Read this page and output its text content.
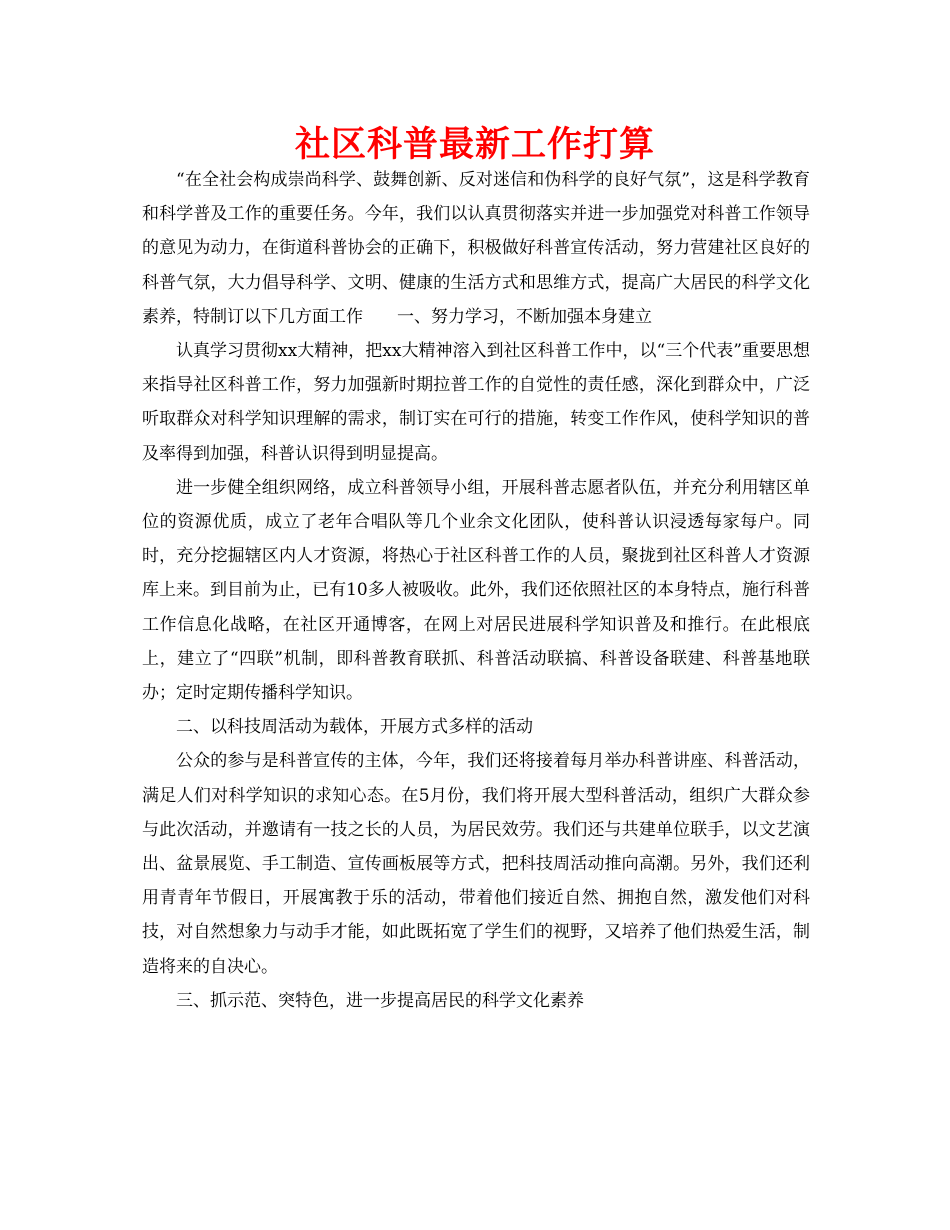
社区科普最新工作打算

“在全社会构成崇尚科学、鼓舞创新、反对迷信和伪科学的良好气氛”，这是科学教育和科学普及工作的重要任务。今年，我们以认真贯彻落实并进一步加强党对科普工作领导的意见为动力，在街道科普协会的正确下，积极做好科普宣传活动，努力营建社区良好的科普气氛，大力倡导科学、文明、健康的生活方式和思维方式，提高广大居民的科学文化素养，特制订以下几方面工作　　一、努力学习，不断加强本身建立

认真学习贯彻xx大精神，把xx大精神溶入到社区科普工作中，以“三个代表”重要思想来指导社区科普工作，努力加强新时期拉普工作的自觉性的责任感，深化到群众中，广泛听取群众对科学知识理解的需求，制订实在可行的措施，转变工作作风，使科学知识的普及率得到加强，科普认识得到明显提高。

进一步健全组织网络，成立科普领导小组，开展科普志愿者队伍，并充分利用辖区单位的资源优质，成立了老年合唱队等几个业余文化团队，使科普认识浸透每家每户。同时，充分挖掘辖区内人才资源，将热心于社区科普工作的人员，聚拢到社区科普人才资源库上来。到目前为止，已有10多人被吸收。此外，我们还依照社区的本身特点，施行科普工作信息化战略，在社区开通博客，在网上对居民进展科学知识普及和推行。在此根底上，建立了“四联”机制，即科普教育联抓、科普活动联搞、科普设备联建、科普基地联办；定时定期传播科学知识。

二、以科技周活动为载体，开展方式多样的活动

公众的参与是科普宣传的主体，今年，我们还将接着每月举办科普讲座、科普活动，满足人们对科学知识的求知心态。在5月份，我们将开展大型科普活动，组织广大群众参与此次活动，并邀请有一技之长的人员，为居民效劳。我们还与共建单位联手，以文艺演出、盆景展览、手工制造、宣传画板展等方式，把科技周活动推向高潮。另外，我们还利用青青年节假日，开展寓教于乐的活动，带着他们接近自然、拥抱自然，激发他们对科技，对自然想象力与动手才能，如此既拓宽了学生们的视野，又培养了他们热爱生活，制造将来的自决心。

三、抓示范、突特色，进一步提高居民的科学文化素养
